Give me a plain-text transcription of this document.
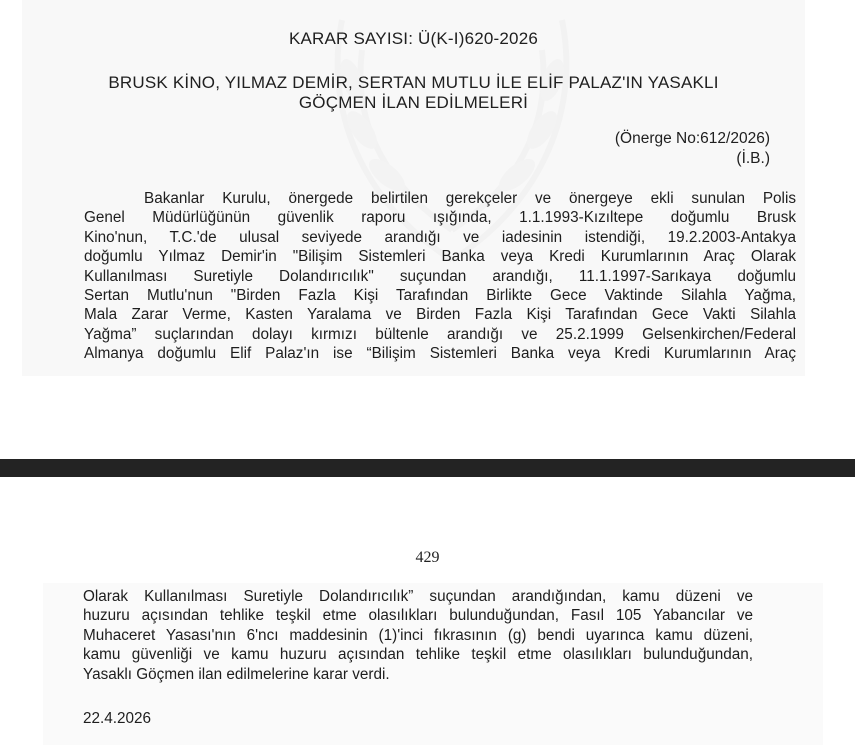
KARAR SAYISI: Ü(K-I)620-2026
BRUSK KİNO, YILMAZ DEMİR, SERTAN MUTLU İLE ELİF PALAZ'IN YASAKLI
GÖÇMEN İLAN EDİLMELERİ
(Önerge No:612/2026)
(İ.B.)
Bakanlar Kurulu, önergede belirtilen gerekçeler ve önergeye ekli sunulan Polis
Genel Müdürlüğünün güvenlik raporu ışığında, 1.1.1993-Kızıltepe doğumlu Brusk
Kino'nun, T.C.'de ulusal seviyede arandığı ve iadesinin istendiği, 19.2.2003-Antakya
doğumlu Yılmaz Demir'in "Bilişim Sistemleri Banka veya Kredi Kurumlarının Araç Olarak
Kullanılması Suretiyle Dolandırıcılık" suçundan arandığı, 11.1.1997-Sarıkaya doğumlu
Sertan Mutlu'nun "Birden Fazla Kişi Tarafından Birlikte Gece Vaktinde Silahla Yağma,
Mala Zarar Verme, Kasten Yaralama ve Birden Fazla Kişi Tarafından Gece Vakti Silahla
Yağma” suçlarından dolayı kırmızı bültenle arandığı ve 25.2.1999 Gelsenkirchen/Federal
Almanya doğumlu Elif Palaz'ın ise “Bilişim Sistemleri Banka veya Kredi Kurumlarının Araç
429
Olarak Kullanılması Suretiyle Dolandırıcılık” suçundan arandığından, kamu düzeni ve
huzuru açısından tehlike teşkil etme olasılıkları bulunduğundan, Fasıl 105 Yabancılar ve
Muhaceret Yasası'nın 6'ncı maddesinin (1)'inci fıkrasının (g) bendi uyarınca kamu düzeni,
kamu güvenliği ve kamu huzuru açısından tehlike teşkil etme olasılıkları bulunduğundan,
Yasaklı Göçmen ilan edilmelerine karar verdi.
22.4.2026
